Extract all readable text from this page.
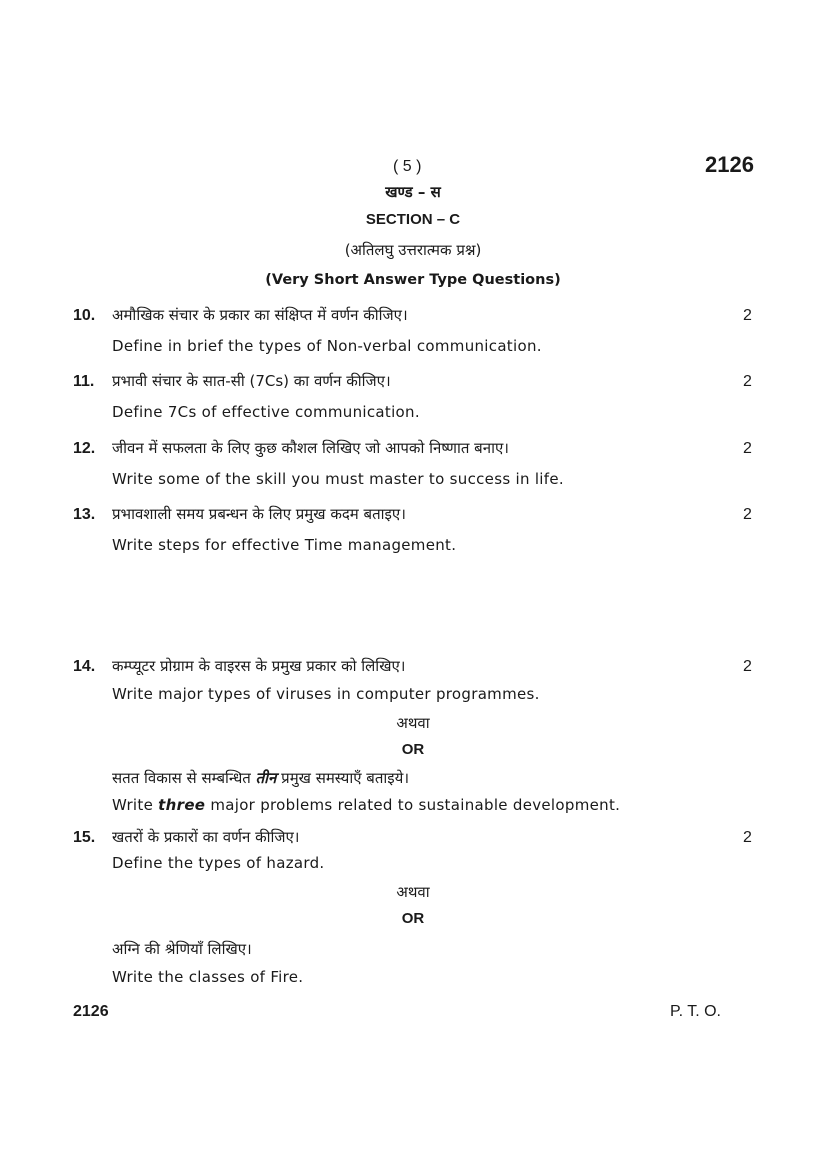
( 5 )	2126
खण्ड – स
SECTION – C
(अतिलघु उत्तरात्मक प्रश्न)
(Very Short Answer Type Questions)
10. अमौखिक संचार के प्रकार का संक्षिप्त में वर्णन कीजिए।	2
Define in brief the types of Non-verbal communication.
11. प्रभावी संचार के सात-सी (7Cs) का वर्णन कीजिए।	2
Define 7Cs of effective communication.
12. जीवन में सफलता के लिए कुछ कौशल लिखिए जो आपको निष्णात बनाए।	2
Write some of the skill you must master to success in life.
13. प्रभावशाली समय प्रबन्धन के लिए प्रमुख कदम बताइए।	2
Write steps for effective Time management.
14. कम्प्यूटर प्रोग्राम के वाइरस के प्रमुख प्रकार को लिखिए।	2
Write major types of viruses in computer programmes.
अथवा
OR
सतत विकास से सम्बन्धित तीन प्रमुख समस्याएँ बताइये।
Write three major problems related to sustainable development.
15. खतरों के प्रकारों का वर्णन कीजिए।	2
Define the types of hazard.
अथवा
OR
अग्नि की श्रेणियाँ लिखिए।
Write the classes of Fire.
2126	P. T. O.
